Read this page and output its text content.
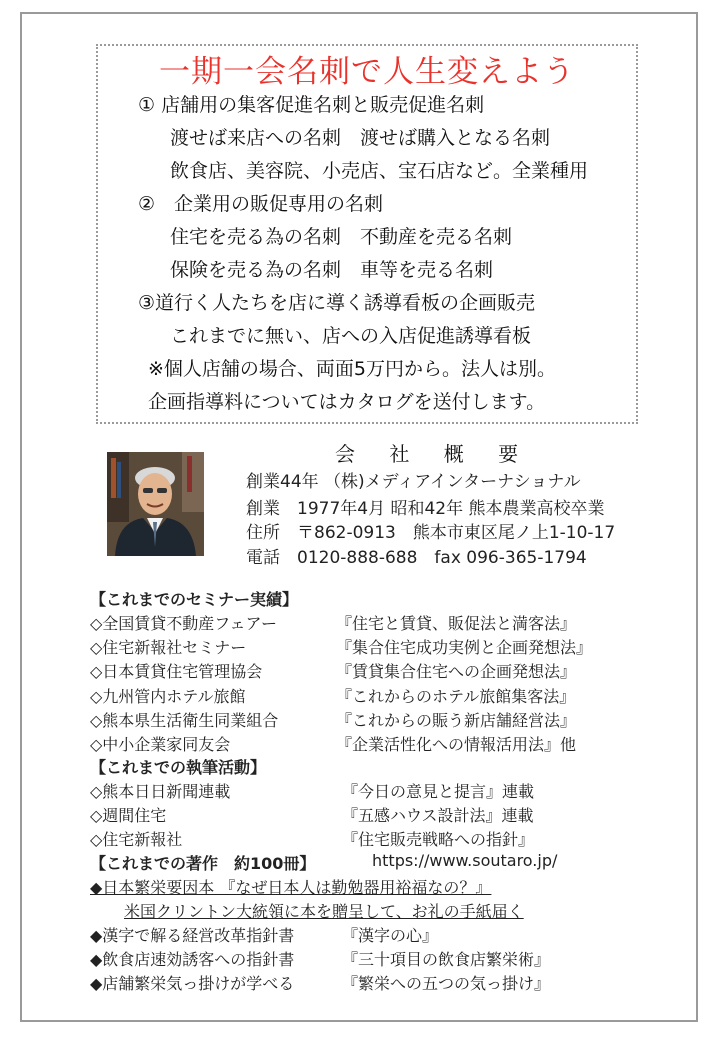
一期一会名刺で人生変えよう
① 店舗用の集客促進名刺と販売促進名刺
渡せば来店への名刺　渡せば購入となる名刺
飲食店、美容院、小売店、宝石店など。全業種用
②　企業用の販促専用の名刺
住宅を売る為の名刺　不動産を売る名刺
保険を売る為の名刺　車等を売る名刺
③道行く人たちを店に導く誘導看板の企画販売
これまでに無い、店への入店促進誘導看板
※個人店舗の場合、両面5万円から。法人は別。
企画指導料についてはカタログを送付します。
会 社 概 要
創業44年 （株)メディアインターナショナル
創業　1977年4月 昭和42年 熊本農業高校卒業
住所　〒862-0913　熊本市東区尾ノ上1-10-17
電話　0120-888-688　fax 096-365-1794
【これまでのセミナー実績】
◇全国賃貸不動産フェアー	『住宅と賃貸、販促法と満客法』
◇住宅新報社セミナー	『集合住宅成功実例と企画発想法』
◇日本賃貸住宅管理協会	『賃貸集合住宅への企画発想法』
◇九州管内ホテル旅館	『これからのホテル旅館集客法』
◇熊本県生活衛生同業組合	『これからの賑う新店舗経営法』
◇中小企業家同友会	『企業活性化への情報活用法』他
【これまでの執筆活動】
◇熊本日日新聞連載	『今日の意見と提言』連載
◇週間住宅	『五感ハウス設計法』連載
◇住宅新報社	『住宅販売戦略への指針』
【これまでの著作　約100冊】	https://www.soutaro.jp/
◆日本繁栄要因本 『なぜ日本人は勤勉器用裕福なの？』
米国クリントン大統領に本を贈呈して、お礼の手紙届く
◆漢字で解る経営改革指針書	『漢字の心』
◆飲食店速効誘客への指針書	『三十項目の飲食店繁栄術』
◆店舗繁栄気っ掛けが学べる	『繁栄への五つの気っ掛け』
